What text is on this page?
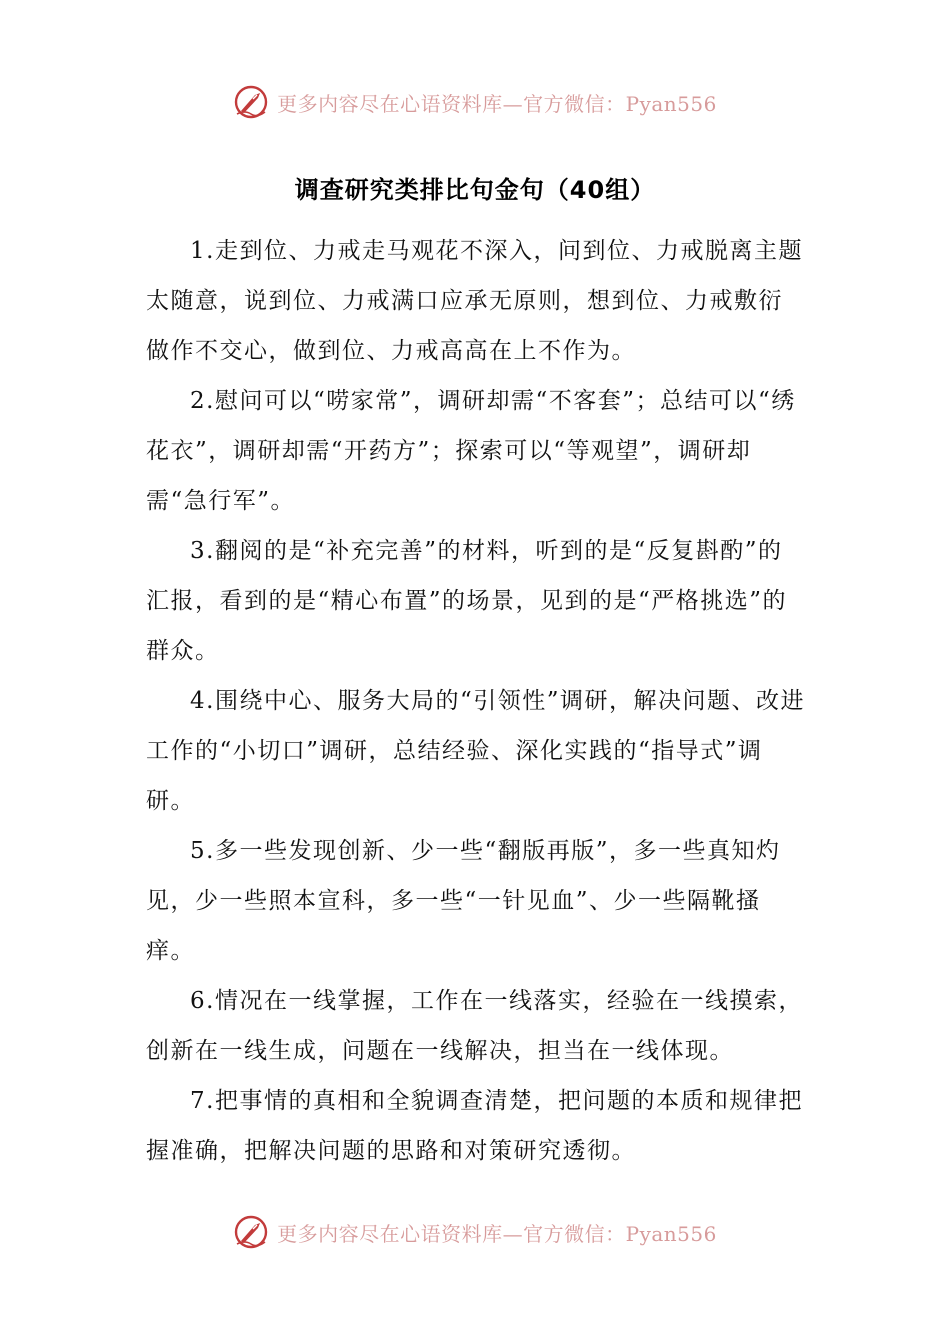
更多内容尽在心语资料库—官方微信：Pyan556
调查研究类排比句金句（40组）

1.走到位、力戒走马观花不深入，问到位、力戒脱离主题太随意，说到位、力戒满口应承无原则，想到位、力戒敷衍做作不交心，做到位、力戒高高在上不作为。

2.慰问可以“唠家常”，调研却需“不客套”；总结可以“绣花衣”，调研却需“开药方”；探索可以“等观望”，调研却需“急行军”。

3.翻阅的是“补充完善”的材料，听到的是“反复斟酌”的汇报，看到的是“精心布置”的场景，见到的是“严格挑选”的群众。

4.围绕中心、服务大局的“引领性”调研，解决问题、改进工作的“小切口”调研，总结经验、深化实践的“指导式”调研。

5.多一些发现创新、少一些“翻版再版”，多一些真知灼见，少一些照本宣科，多一些“一针见血”、少一些隔靴搔痒。

6.情况在一线掌握，工作在一线落实，经验在一线摸索，创新在一线生成，问题在一线解决，担当在一线体现。

7.把事情的真相和全貌调查清楚，把问题的本质和规律把握准确，把解决问题的思路和对策研究透彻。

更多内容尽在心语资料库—官方微信：Pyan556
